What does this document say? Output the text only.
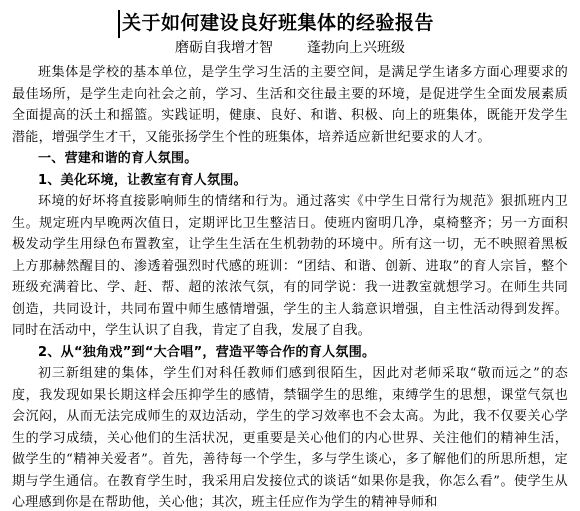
关于如何建设良好班集体的经验报告
磨砺自我增才智 蓬勃向上兴班级

班集体是学校的基本单位，是学生学习生活的主要空间，是满足学生诸多方面心理要求的最佳场所，是学生走向社会之前，学习、生活和交往最主要的环境，是促进学生全面发展素质全面提高的沃土和摇篮。实践证明，健康、良好、和谐、积极、向上的班集体，既能开发学生潜能，增强学生才干，又能张扬学生个性的班集体，培养适应新世纪要求的人才。

一、营建和谐的育人氛围。

1、美化环境，让教室有育人氛围。

环境的好坏将直接影响师生的情绪和行为。通过落实《中学生日常行为规范》狠抓班内卫生。规定班内早晚两次值日，定期评比卫生整洁日。使班内窗明几净，桌椅整齐；另一方面积极发动学生用绿色布置教室，让学生生活在生机勃勃的环境中。所有这一切，无不映照着黑板上方那赫然醒目的、渗透着强烈时代感的班训：“团结、和谐、创新、进取”的育人宗旨，整个班级充满着比、学、赶、帮、超的浓浓气氛，有的同学说：我一进教室就想学习。在师生共同创造，共同设计，共同布置中师生感情增强，学生的主人翁意识增强，自主性活动得到发挥。同时在活动中，学生认识了自我，肯定了自我，发展了自我。

2、从“独角戏”到“大合唱”，营造平等合作的育人氛围。

初三新组建的集体，学生们对科任教师们感到很陌生，因此对老师采取“敬而远之”的态度，我发现如果长期这样会压抑学生的感情，禁锢学生的思维，束缚学生的思想，课堂气氛也会沉闷，从而无法完成师生的双边活动，学生的学习效率也不会太高。为此，我不仅要关心学生的学习成绩，关心他们的生活状况，更重要是关心他们的内心世界、关注他们的精神生活，做学生的“精神关爱者”。首先，善待每一个学生，多与学生谈心，多了解他们的所思所想，定期与学生通信。在教育学生时，我采用启发接位式的谈话“如果你是我，你怎么看”。使学生从心理感到你是在帮助他，关心他；其次，班主任应作为学生的精神导师和
